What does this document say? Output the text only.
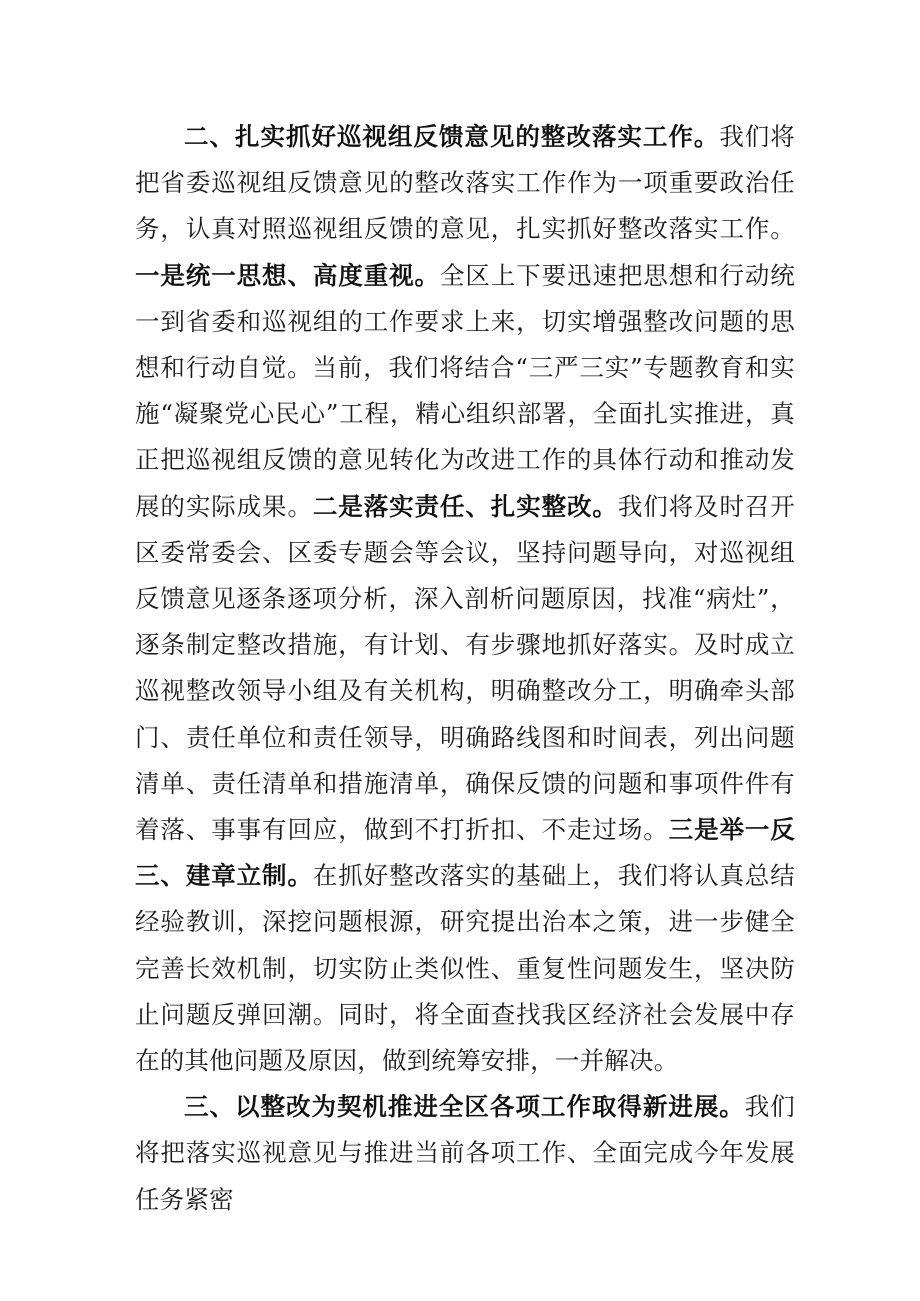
二、扎实抓好巡视组反馈意见的整改落实工作。我们将把省委巡视组反馈意见的整改落实工作作为一项重要政治任务，认真对照巡视组反馈的意见，扎实抓好整改落实工作。一是统一思想、高度重视。全区上下要迅速把思想和行动统一到省委和巡视组的工作要求上来，切实增强整改问题的思想和行动自觉。当前，我们将结合“三严三实”专题教育和实施“凝聚党心民心”工程，精心组织部署，全面扎实推进，真正把巡视组反馈的意见转化为改进工作的具体行动和推动发展的实际成果。二是落实责任、扎实整改。我们将及时召开区委常委会、区委专题会等会议，坚持问题导向，对巡视组反馈意见逐条逐项分析，深入剖析问题原因，找准“病灶”，逐条制定整改措施，有计划、有步骤地抓好落实。及时成立巡视整改领导小组及有关机构，明确整改分工，明确牵头部门、责任单位和责任领导，明确路线图和时间表，列出问题清单、责任清单和措施清单，确保反馈的问题和事项件件有着落、事事有回应，做到不打折扣、不走过场。三是举一反三、建章立制。在抓好整改落实的基础上，我们将认真总结经验教训，深挖问题根源，研究提出治本之策，进一步健全完善长效机制，切实防止类似性、重复性问题发生，坚决防止问题反弹回潮。同时，将全面查找我区经济社会发展中存在的其他问题及原因，做到统筹安排，一并解决。

三、以整改为契机推进全区各项工作取得新进展。我们将把落实巡视意见与推进当前各项工作、全面完成今年发展任务紧密
